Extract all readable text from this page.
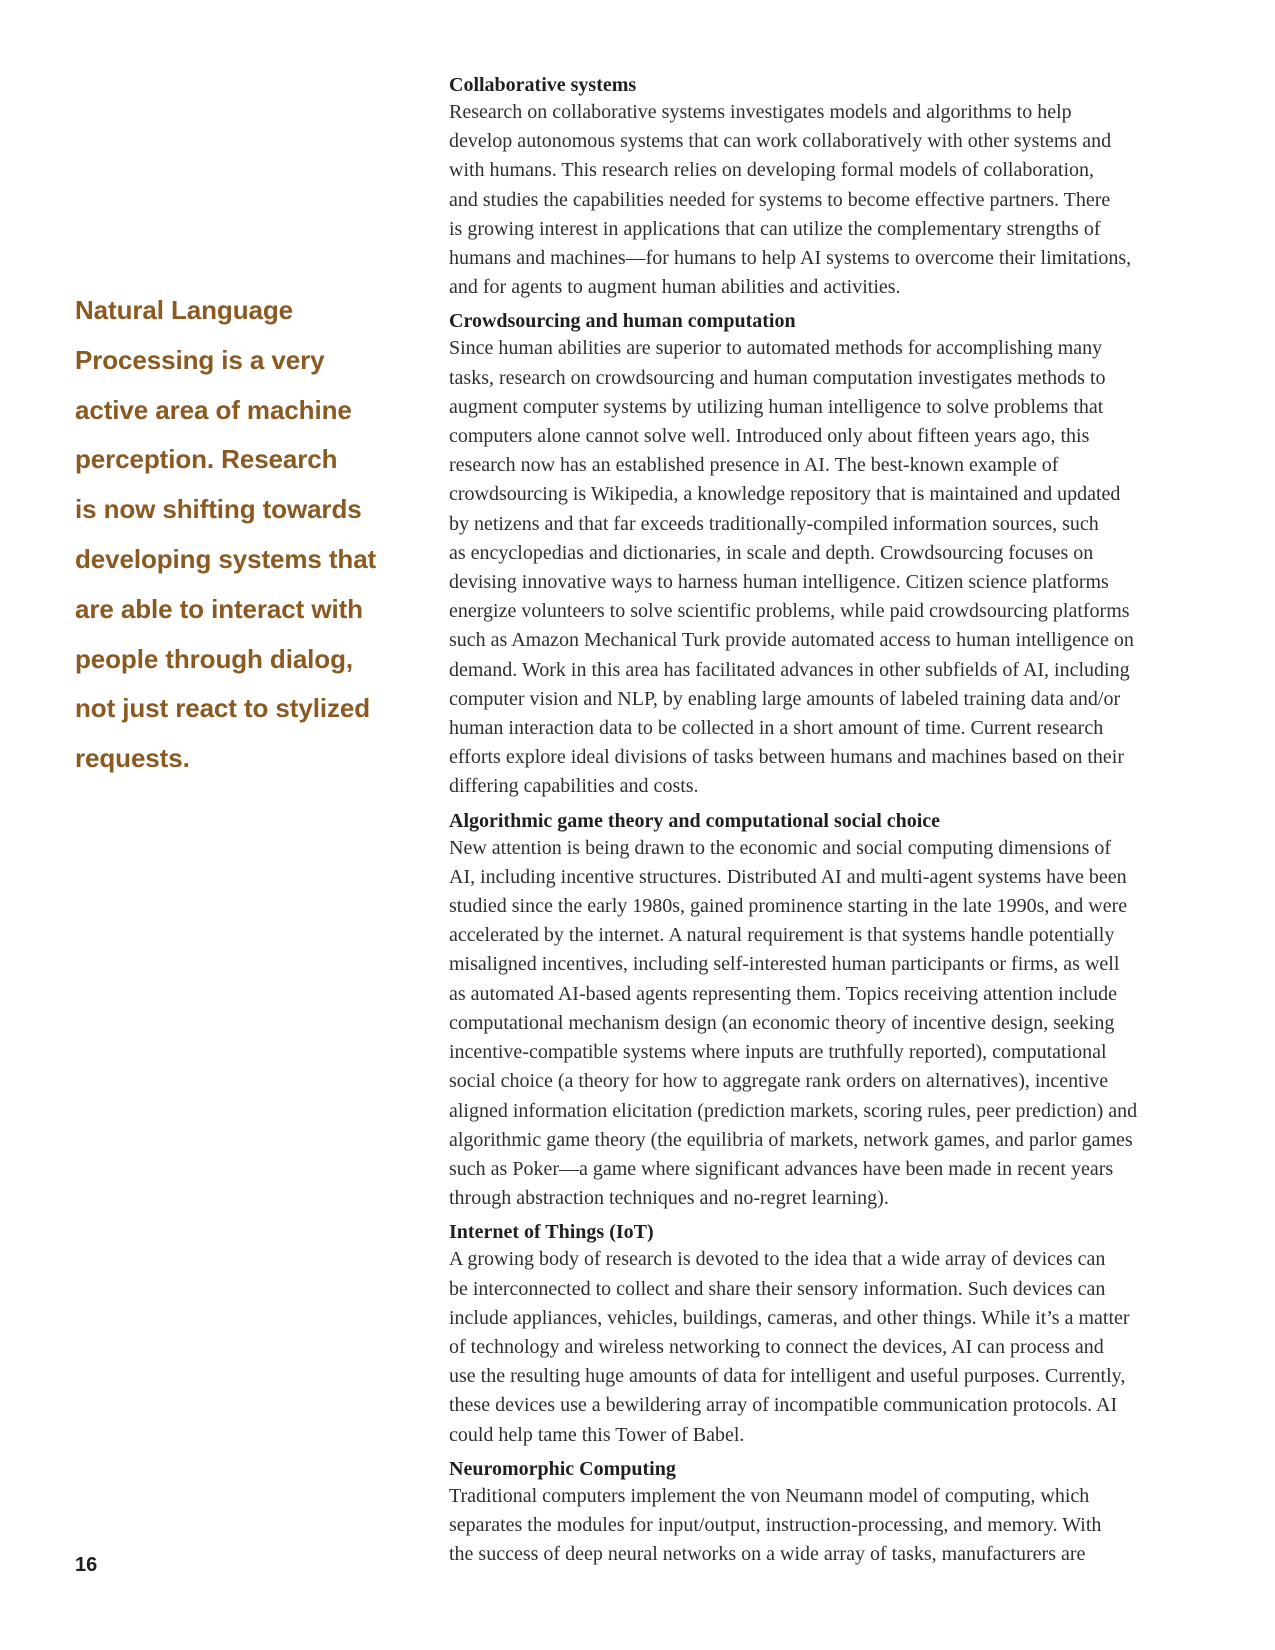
Natural Language
Processing is a very
active area of machine
perception. Research
is now shifting towards
developing systems that
are able to interact with
people through dialog,
not just react to stylized
requests.
16
Collaborative systems

Research on collaborative systems investigates models and algorithms to help
develop autonomous systems that can work collaboratively with other systems and
with humans. This research relies on developing formal models of collaboration,
and studies the capabilities needed for systems to become effective partners. There
is growing interest in applications that can utilize the complementary strengths of
humans and machines—for humans to help AI systems to overcome their limitations,
and for agents to augment human abilities and activities.

Crowdsourcing and human computation

Since human abilities are superior to automated methods for accomplishing many
tasks, research on crowdsourcing and human computation investigates methods to
augment computer systems by utilizing human intelligence to solve problems that
computers alone cannot solve well. Introduced only about fifteen years ago, this
research now has an established presence in AI. The best-known example of
crowdsourcing is Wikipedia, a knowledge repository that is maintained and updated
by netizens and that far exceeds traditionally-compiled information sources, such
as encyclopedias and dictionaries, in scale and depth. Crowdsourcing focuses on
devising innovative ways to harness human intelligence. Citizen science platforms
energize volunteers to solve scientific problems, while paid crowdsourcing platforms
such as Amazon Mechanical Turk provide automated access to human intelligence on
demand. Work in this area has facilitated advances in other subfields of AI, including
computer vision and NLP, by enabling large amounts of labeled training data and/or
human interaction data to be collected in a short amount of time. Current research
efforts explore ideal divisions of tasks between humans and machines based on their
differing capabilities and costs.

Algorithmic game theory and computational social choice

New attention is being drawn to the economic and social computing dimensions of
AI, including incentive structures. Distributed AI and multi-agent systems have been
studied since the early 1980s, gained prominence starting in the late 1990s, and were
accelerated by the internet. A natural requirement is that systems handle potentially
misaligned incentives, including self-interested human participants or firms, as well
as automated AI-based agents representing them. Topics receiving attention include
computational mechanism design (an economic theory of incentive design, seeking
incentive-compatible systems where inputs are truthfully reported), computational
social choice (a theory for how to aggregate rank orders on alternatives), incentive
aligned information elicitation (prediction markets, scoring rules, peer prediction) and
algorithmic game theory (the equilibria of markets, network games, and parlor games
such as Poker—a game where significant advances have been made in recent years
through abstraction techniques and no-regret learning).

Internet of Things (IoT)

A growing body of research is devoted to the idea that a wide array of devices can
be interconnected to collect and share their sensory information. Such devices can
include appliances, vehicles, buildings, cameras, and other things. While it’s a matter
of technology and wireless networking to connect the devices, AI can process and
use the resulting huge amounts of data for intelligent and useful purposes. Currently,
these devices use a bewildering array of incompatible communication protocols. AI
could help tame this Tower of Babel.

Neuromorphic Computing

Traditional computers implement the von Neumann model of computing, which
separates the modules for input/output, instruction-processing, and memory. With
the success of deep neural networks on a wide array of tasks, manufacturers are
